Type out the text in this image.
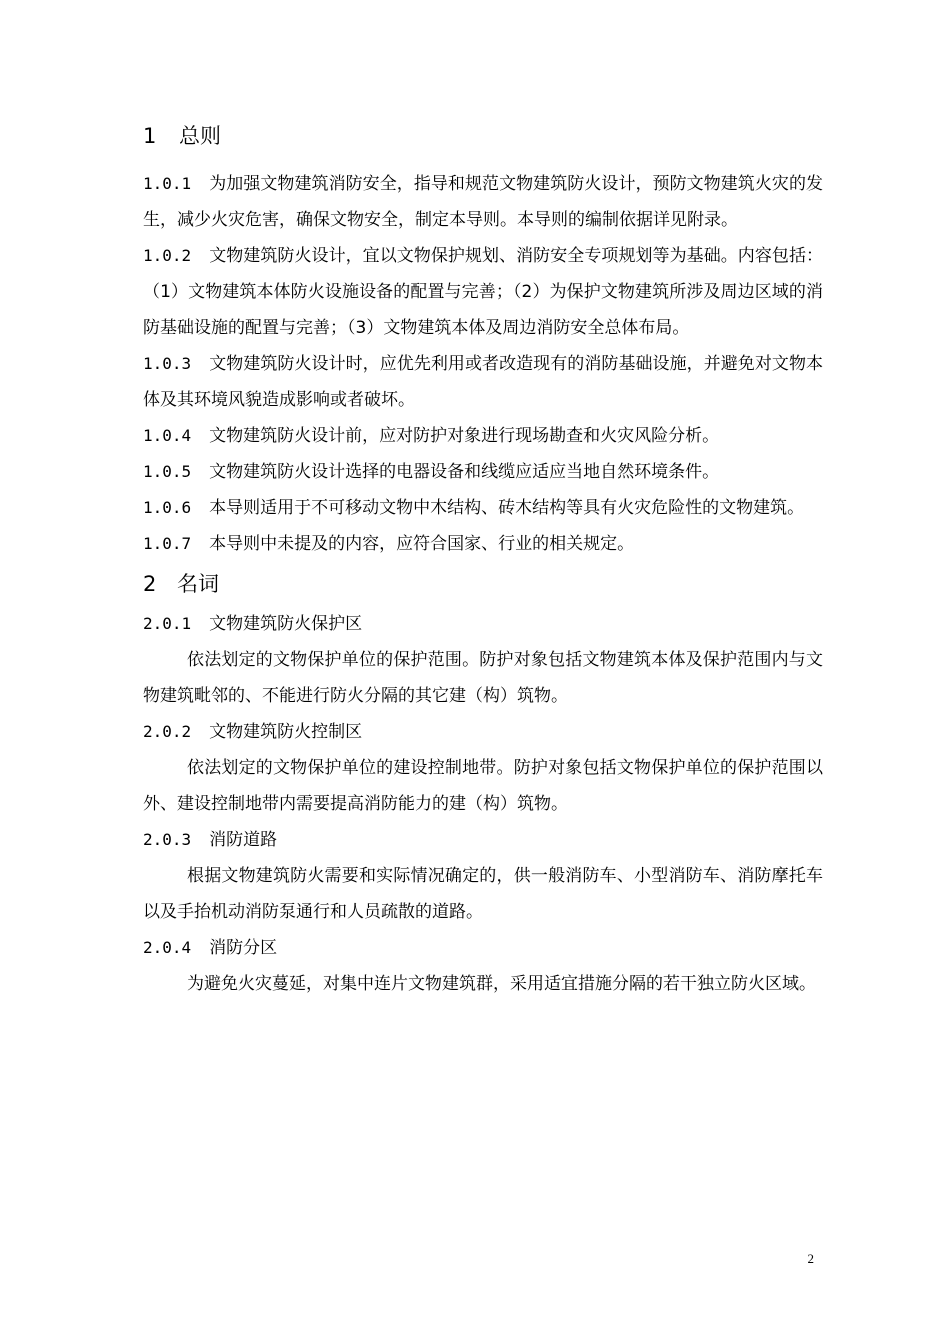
1 总则

1.0.1 为加强文物建筑消防安全，指导和规范文物建筑防火设计，预防文物建筑火灾的发生，减少火灾危害，确保文物安全，制定本导则。本导则的编制依据详见附录。

1.0.2 文物建筑防火设计，宜以文物保护规划、消防安全专项规划等为基础。内容包括：（1）文物建筑本体防火设施设备的配置与完善；（2）为保护文物建筑所涉及周边区域的消防基础设施的配置与完善；（3）文物建筑本体及周边消防安全总体布局。

1.0.3 文物建筑防火设计时，应优先利用或者改造现有的消防基础设施，并避免对文物本体及其环境风貌造成影响或者破坏。

1.0.4 文物建筑防火设计前，应对防护对象进行现场勘查和火灾风险分析。

1.0.5 文物建筑防火设计选择的电器设备和线缆应适应当地自然环境条件。

1.0.6 本导则适用于不可移动文物中木结构、砖木结构等具有火灾危险性的文物建筑。

1.0.7 本导则中未提及的内容，应符合国家、行业的相关规定。

2 名词

2.0.1 文物建筑防火保护区

依法划定的文物保护单位的保护范围。防护对象包括文物建筑本体及保护范围内与文物建筑毗邻的、不能进行防火分隔的其它建（构）筑物。

2.0.2 文物建筑防火控制区

依法划定的文物保护单位的建设控制地带。防护对象包括文物保护单位的保护范围以外、建设控制地带内需要提高消防能力的建（构）筑物。

2.0.3 消防道路

根据文物建筑防火需要和实际情况确定的，供一般消防车、小型消防车、消防摩托车以及手抬机动消防泵通行和人员疏散的道路。

2.0.4 消防分区

为避免火灾蔓延，对集中连片文物建筑群，采用适宜措施分隔的若干独立防火区域。

2
